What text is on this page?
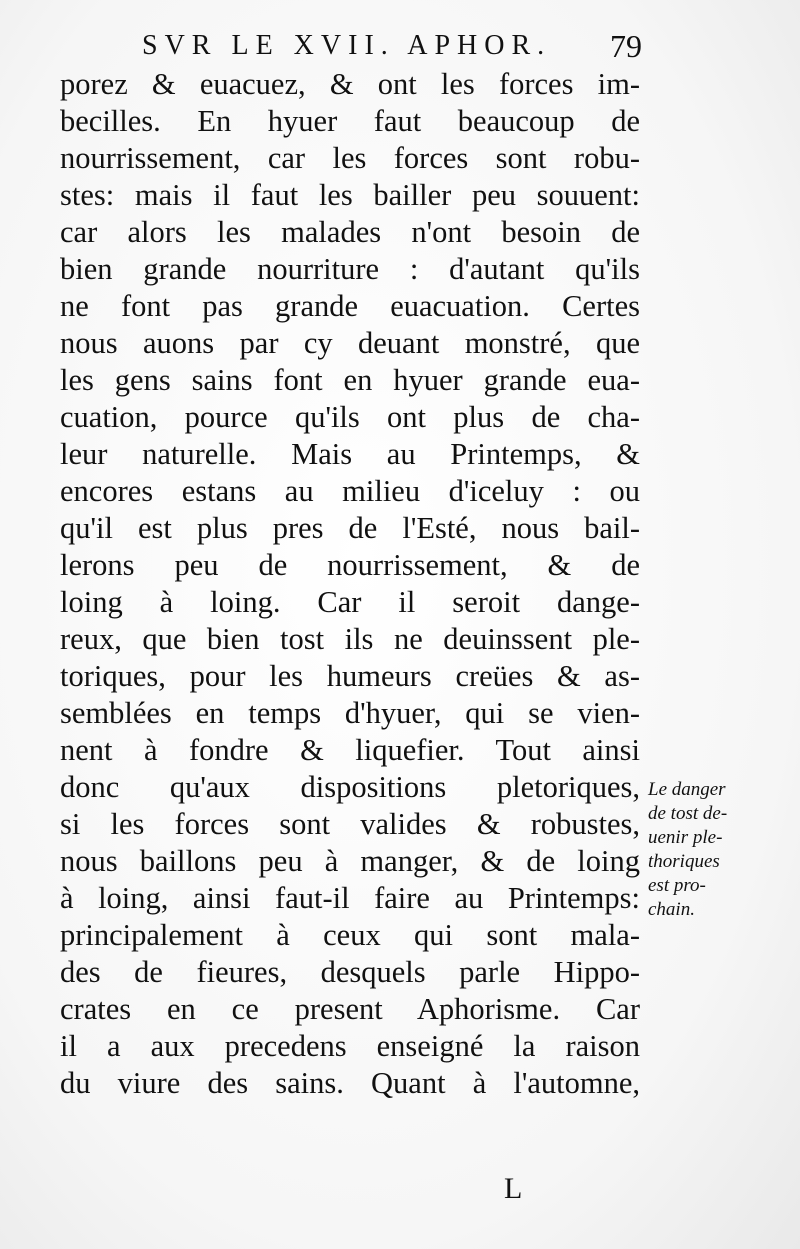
SVR LE XVII. APHOR. 79
porez & euacuez, & ont les forces im-
becilles. En hyuer faut beaucoup de
nourrissement, car les forces sont robu-
stes: mais il faut les bailler peu souuent:
car alors les malades n'ont besoin de
bien grande nourriture : d'autant qu'ils
ne font pas grande euacuation. Certes
nous auons par cy deuant monstré, que
les gens sains font en hyuer grande eua-
cuation, pource qu'ils ont plus de cha-
leur naturelle. Mais au Printemps, &
encores estans au milieu d'iceluy : ou
qu'il est plus pres de l'Esté, nous bail-
lerons peu de nourrissement, & de
loing à loing. Car il seroit dange-
reux, que bien tost ils ne deuinssent ple-
toriques, pour les humeurs creües & as-
semblées en temps d'hyuer, qui se vien-
nent à fondre & liquefier. Tout ainsi
donc qu'aux dispositions pletoriques,
si les forces sont valides & robustes,
nous baillons peu à manger, & de loing
à loing, ainsi faut-il faire au Printemps:
principalement à ceux qui sont mala-
des de fieures, desquels parle Hippo-
crates en ce present Aphorisme. Car
il a aux precedens enseigné la raison
du viure des sains. Quant à l'automne,
Le danger
de tost de-
uenir ple-
thoriques
est pro-
chain.
L
